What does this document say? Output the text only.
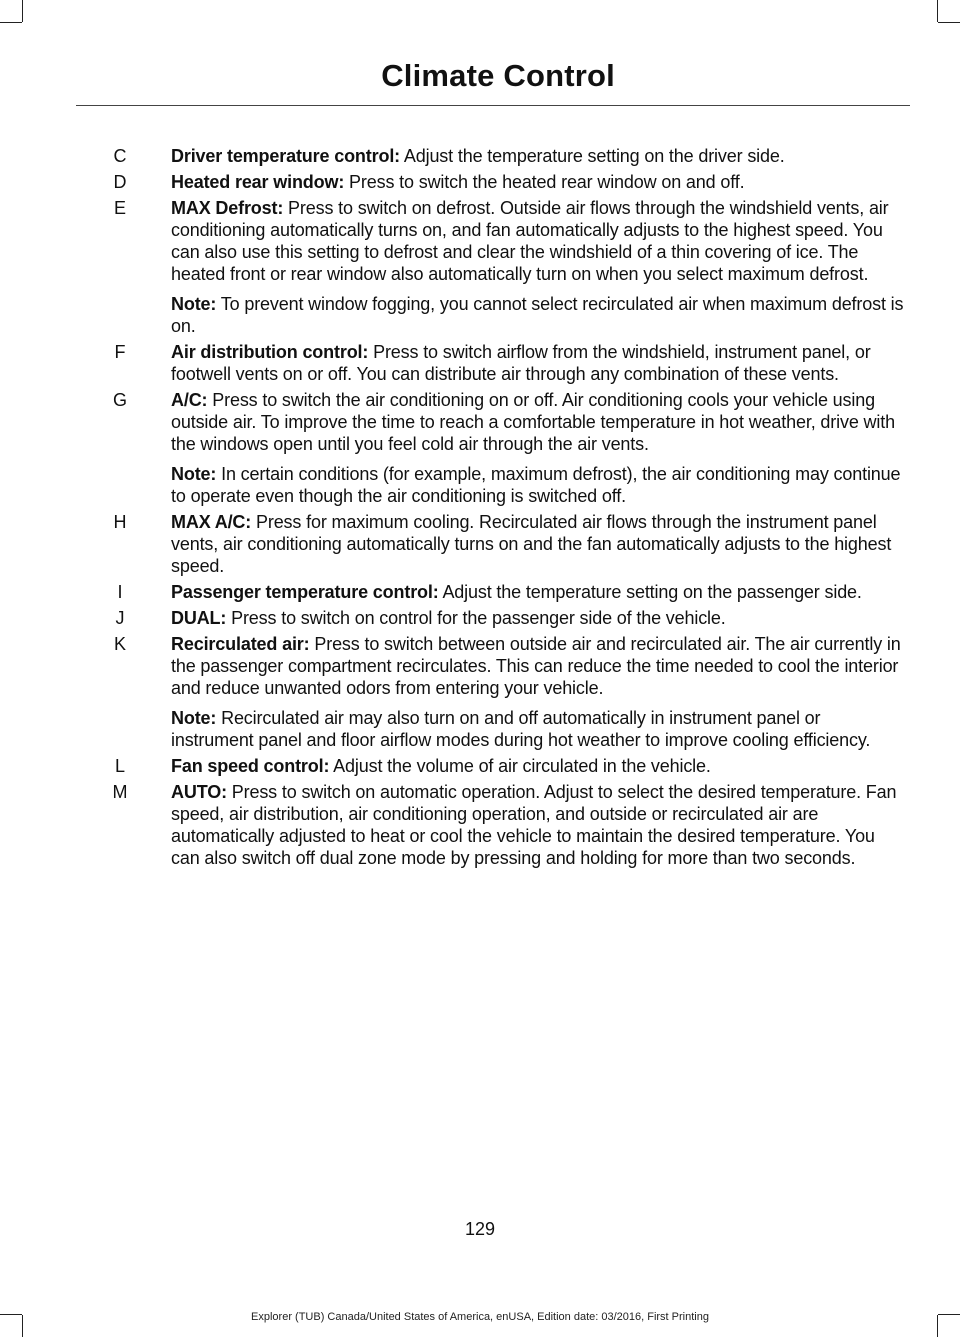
Climate Control
C Driver temperature control: Adjust the temperature setting on the driver side.

D Heated rear window: Press to switch the heated rear window on and off.

E	MAX Defrost: Press to switch on defrost. Outside air flows through the windshield vents, air conditioning automatically turns on, and fan automatically adjusts to the highest speed. You can also use this setting to defrost and clear the windshield of a thin covering of ice. The heated front or rear window also automatically turn on when you select maximum defrost.

Note: To prevent window fogging, you cannot select recirculated air when maximum defrost is on.

F	Air distribution control: Press to switch airflow from the windshield, instrument panel, or footwell vents on or off. You can distribute air through any combination of these vents.

G A/C: Press to switch the air conditioning on or off. Air conditioning cools your vehicle using outside air. To improve the time to reach a comfortable temperature in hot weather, drive with the windows open until you feel cold air through the air vents.

Note: In certain conditions (for example, maximum defrost), the air conditioning may continue to operate even though the air conditioning is switched off.

H MAX A/C: Press for maximum cooling. Recirculated air flows through the instrument panel vents, air conditioning automatically turns on and the fan automatically adjusts to the highest speed.

I	Passenger temperature control: Adjust the temperature setting on the passenger side.

J	DUAL: Press to switch on control for the passenger side of the vehicle.

K	Recirculated air: Press to switch between outside air and recirculated air. The air currently in the passenger compartment recirculates. This can reduce the time needed to cool the interior and reduce unwanted odors from entering your vehicle.

Note: Recirculated air may also turn on and off automatically in instrument panel or instrument panel and floor airflow modes during hot weather to improve cooling efficiency.

L	Fan speed control: Adjust the volume of air circulated in the vehicle.

M AUTO: Press to switch on automatic operation. Adjust to select the desired temperature. Fan speed, air distribution, air conditioning operation, and outside or recirculated air are automatically adjusted to heat or cool the vehicle to maintain the desired temperature. You can also switch off dual zone mode by pressing and holding for more than two seconds.

129
Explorer (TUB) Canada/United States of America, enUSA, Edition date: 03/2016, First Printing
